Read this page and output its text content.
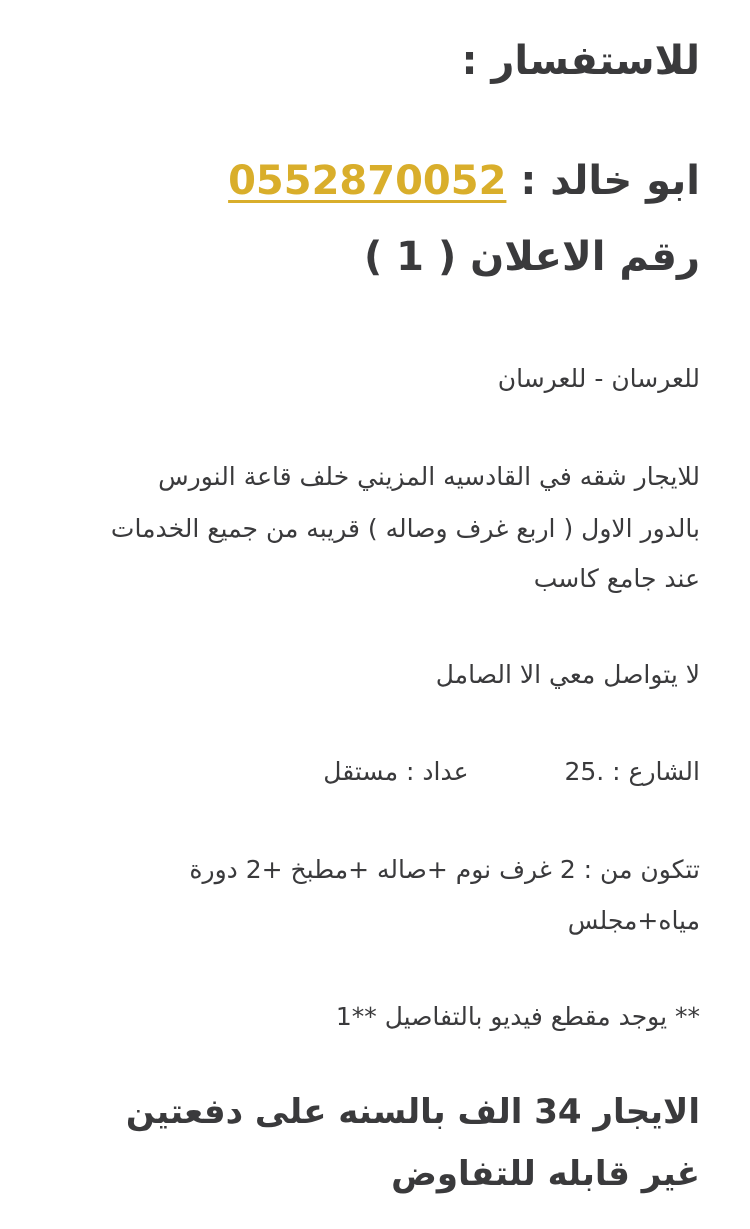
للاستفسار :
ابو خالد : 0552870052
رقم الاعلان ( 1 )
للعرسان - للعرسان
للايجار شقه في القادسيه المزيني خلف قاعة النورس
بالدور الاول ( اربع غرف وصاله ) قريبه من جميع الخدمات
عند جامع كاسب
لا يتواصل معي الا الصامل
الشارع : 25.  عداد : مستقل
تتكون من : 2 غرف نوم +صاله +مطبخ +2 دورة
مياه+مجلس
** يوجد مقطع فيديو بالتفاصيل **1
الايجار 34 الف بالسنه على دفعتين
غير قابله للتفاوض
